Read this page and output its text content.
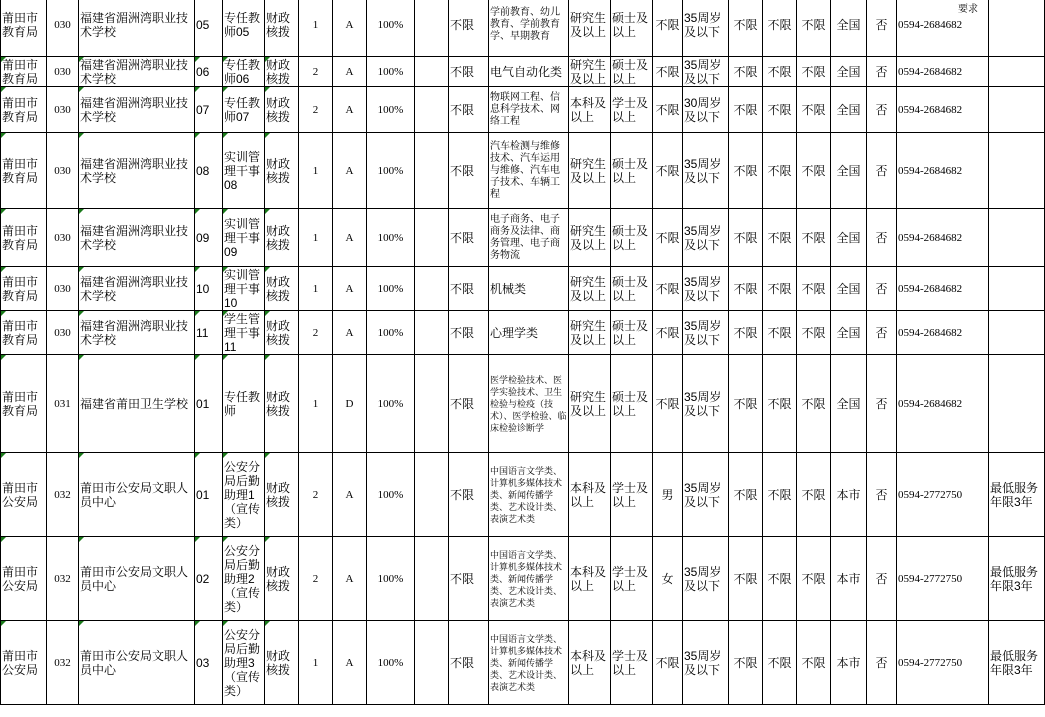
要求
莆田市教育局	030	福建省湄洲湾职业技术学校	05	专任教师05	财政核拨	1	A	100%		不限	学前教育、幼儿教育、学前教育学、早期教育	研究生及以上	硕士及以上	不限	35周岁及以下	不限	不限	不限	全国	否	0594-2684682	
莆田市教育局	030	福建省湄洲湾职业技术学校	06	专任教师06	财政核拨	2	A	100%		不限	电气自动化类	研究生及以上	硕士及以上	不限	35周岁及以下	不限	不限	不限	全国	否	0594-2684682	
莆田市教育局	030	福建省湄洲湾职业技术学校	07	专任教师07	财政核拨	2	A	100%		不限	物联网工程、信息科学技术、网络工程	本科及以上	学士及以上	不限	30周岁及以下	不限	不限	不限	全国	否	0594-2684682	
莆田市教育局	030	福建省湄洲湾职业技术学校	08	实训管理干事08	财政核拨	1	A	100%		不限	汽车检测与维修技术、汽车运用与维修、汽车电子技术、车辆工程	研究生及以上	硕士及以上	不限	35周岁及以下	不限	不限	不限	全国	否	0594-2684682	
莆田市教育局	030	福建省湄洲湾职业技术学校	09	实训管理干事09	财政核拨	1	A	100%		不限	电子商务、电子商务及法律、商务管理、电子商务物流	研究生及以上	硕士及以上	不限	35周岁及以下	不限	不限	不限	全国	否	0594-2684682	
莆田市教育局	030	福建省湄洲湾职业技术学校	10	实训管理干事10	财政核拨	1	A	100%		不限	机械类	研究生及以上	硕士及以上	不限	35周岁及以下	不限	不限	不限	全国	否	0594-2684682	
莆田市教育局	030	福建省湄洲湾职业技术学校	11	学生管理干事11	财政核拨	2	A	100%		不限	心理学类	研究生及以上	硕士及以上	不限	35周岁及以下	不限	不限	不限	全国	否	0594-2684682	
莆田市教育局	031	福建省莆田卫生学校	01	专任教师	财政核拨	1	D	100%		不限	医学检验技术、医学实验技术、卫生检验与检疫（技术）、医学检验、临床检验诊断学	研究生及以上	硕士及以上	不限	35周岁及以下	不限	不限	不限	全国	否	0594-2684682	
莆田市公安局	032	莆田市公安局文职人员中心	01	公安分局后勤助理1（宣传类）	财政核拨	2	A	100%		不限	中国语言文学类、计算机多媒体技术类、新闻传播学类、艺术设计类、表演艺术类	本科及以上	学士及以上	男	35周岁及以下	不限	不限	不限	本市	否	0594-2772750	最低服务年限3年
莆田市公安局	032	莆田市公安局文职人员中心	02	公安分局后勤助理2（宣传类）	财政核拨	2	A	100%		不限	中国语言文学类、计算机多媒体技术类、新闻传播学类、艺术设计类、表演艺术类	本科及以上	学士及以上	女	35周岁及以下	不限	不限	不限	本市	否	0594-2772750	最低服务年限3年
莆田市公安局	032	莆田市公安局文职人员中心	03	公安分局后勤助理3（宣传类）	财政核拨	1	A	100%		不限	中国语言文学类、计算机多媒体技术类、新闻传播学类、艺术设计类、表演艺术类	本科及以上	学士及以上	不限	35周岁及以下	不限	不限	不限	本市	否	0594-2772750	最低服务年限3年
